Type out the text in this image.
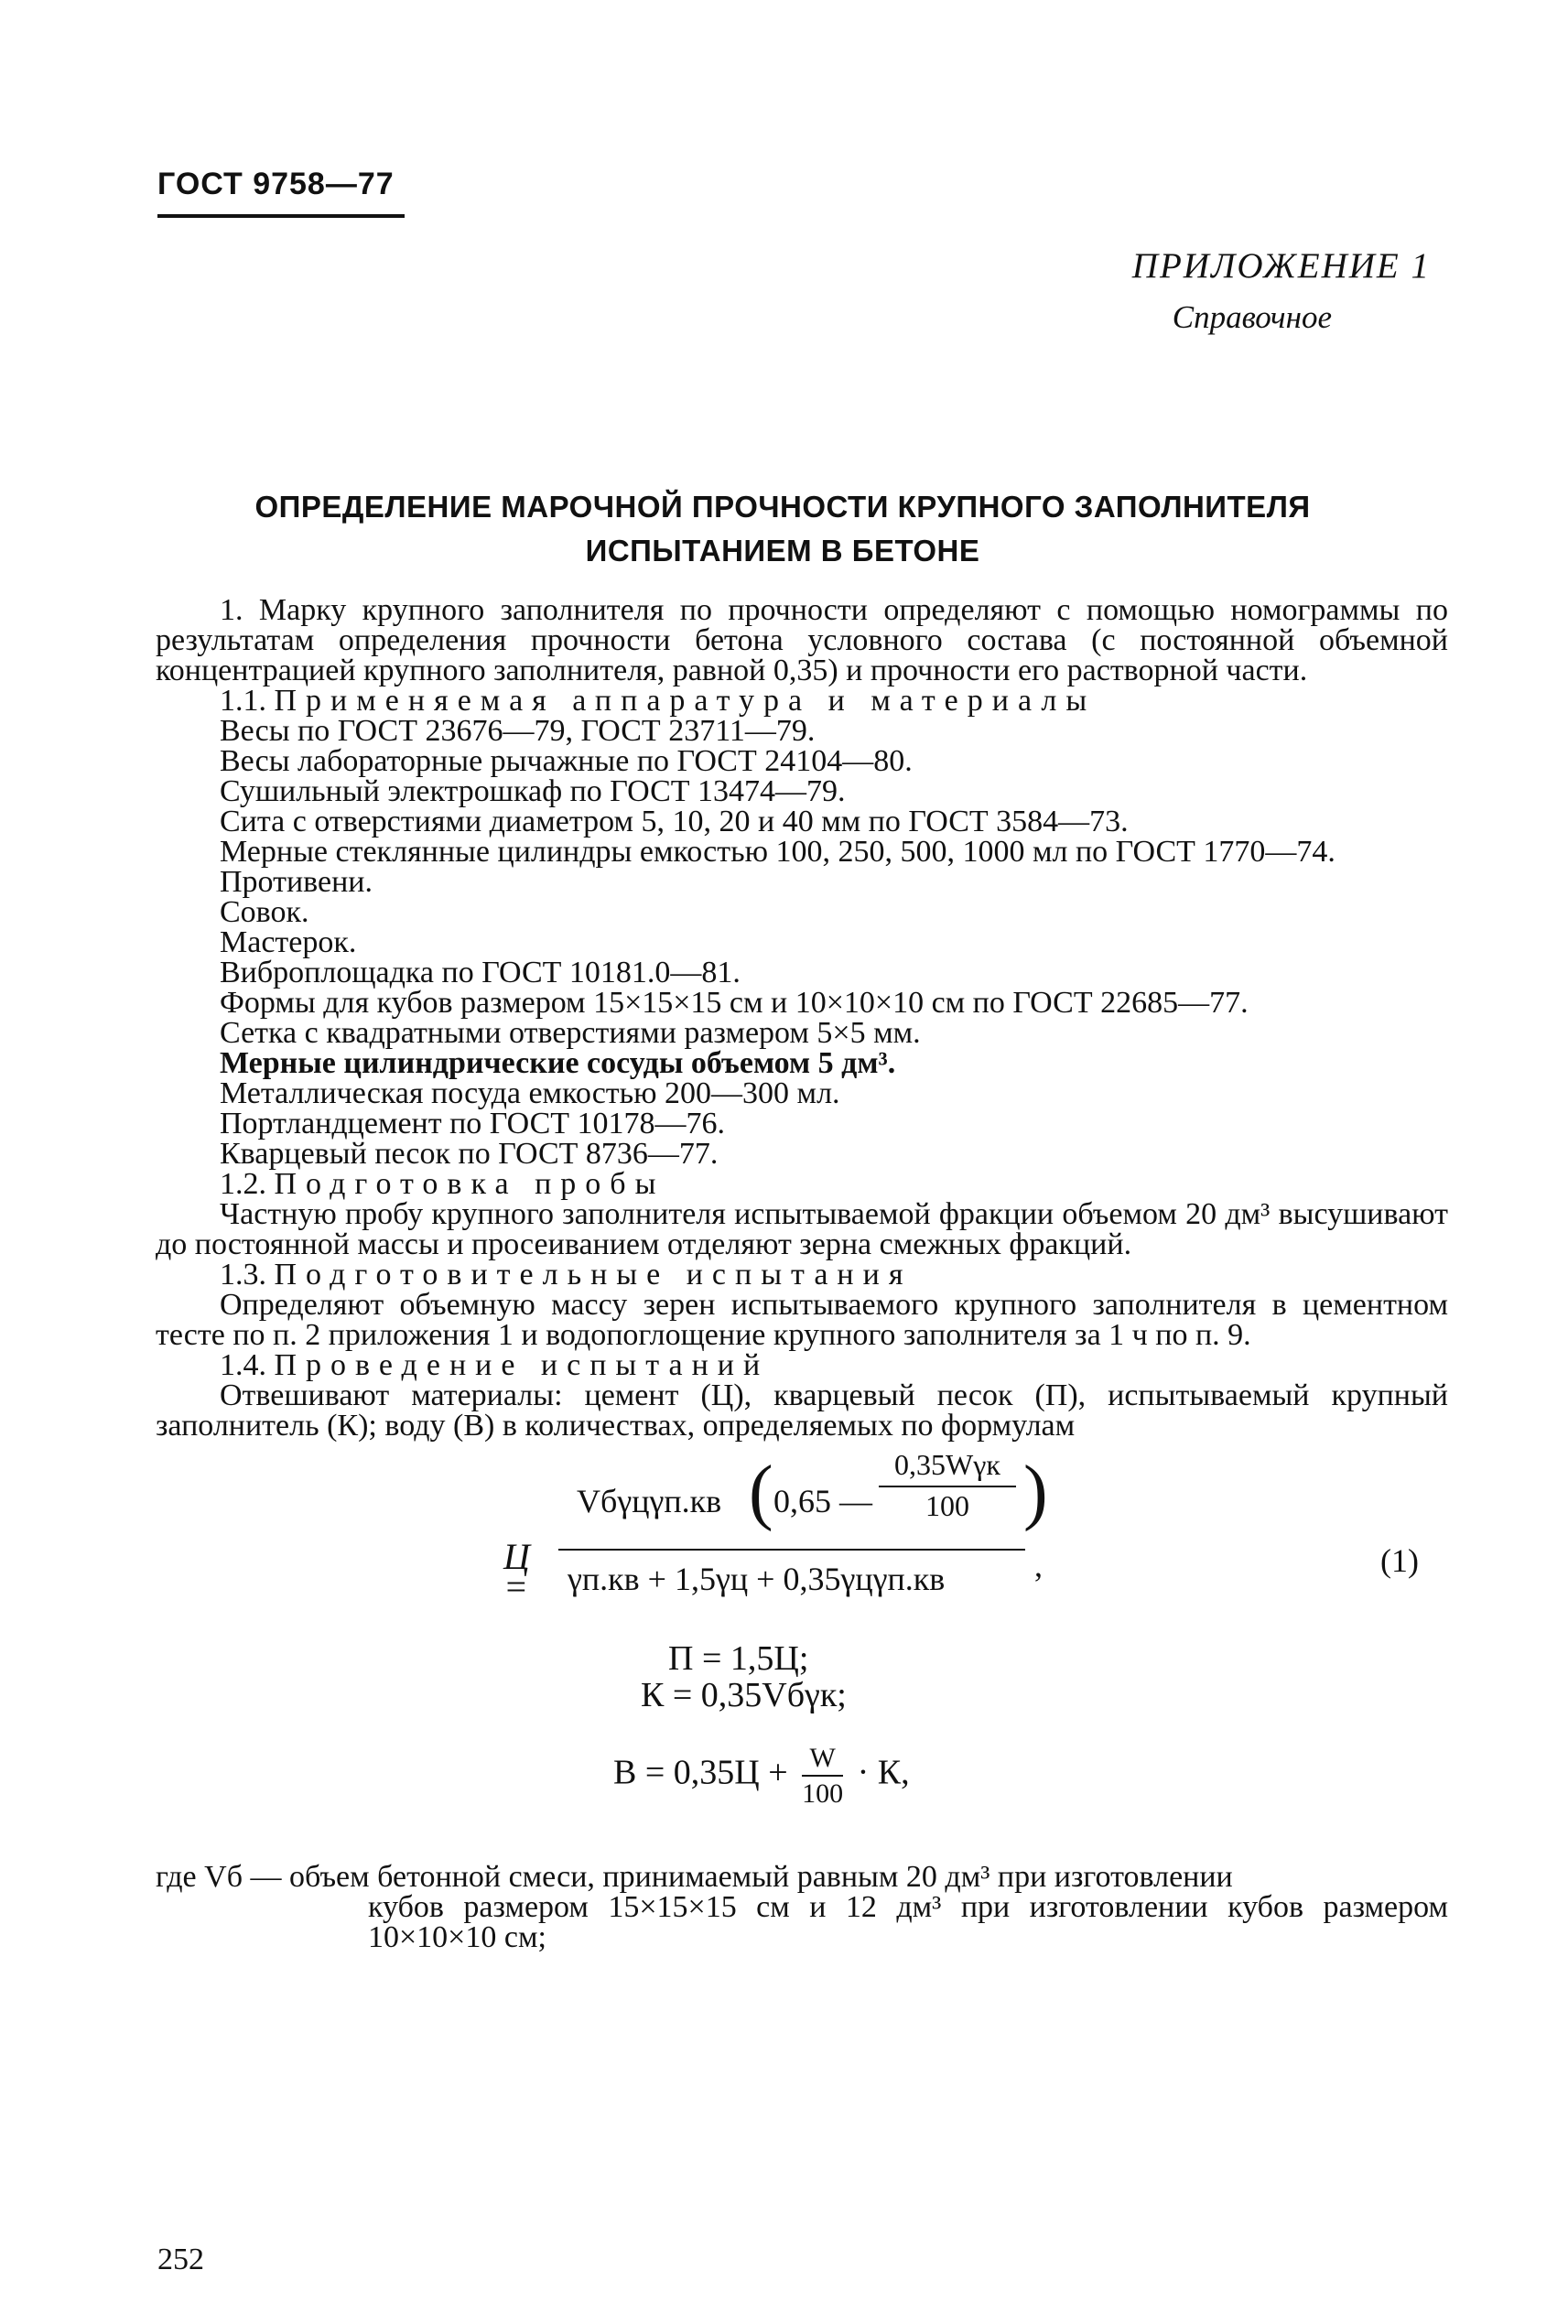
ГОСТ 9758—77
ПРИЛОЖЕНИЕ 1
Справочное
ОПРЕДЕЛЕНИЕ МАРОЧНОЙ ПРОЧНОСТИ КРУПНОГО ЗАПОЛНИТЕЛЯ
ИСПЫТАНИЕМ В БЕТОНЕ

1. Марку крупного заполнителя по прочности определяют с помощью номограммы по результатам определения прочности бетона условного состава (с постоянной объемной концентрацией крупного заполнителя, равной 0,35) и прочности его растворной части.

1.1. Применяемая аппаратура и материалы

Весы по ГОСТ 23676—79, ГОСТ 23711—79.

Весы лабораторные рычажные по ГОСТ 24104—80.

Сушильный электрошкаф по ГОСТ 13474—79.

Сита с отверстиями диаметром 5, 10, 20 и 40 мм по ГОСТ 3584—73.

Мерные стеклянные цилиндры емкостью 100, 250, 500, 1000 мл по ГОСТ 1770—74.

Противени.

Совок.

Мастерок.

Виброплощадка по ГОСТ 10181.0—81.

Формы для кубов размером 15×15×15 см и 10×10×10 см по ГОСТ 22685—77.

Сетка с квадратными отверстиями размером 5×5 мм.

Мерные цилиндрические сосуды объемом 5 дм³.

Металлическая посуда емкостью 200—300 мл.

Портландцемент по ГОСТ 10178—76.

Кварцевый песок по ГОСТ 8736—77.

1.2. Подготовка пробы

Частную пробу крупного заполнителя испытываемой фракции объемом 20 дм³ высушивают до постоянной массы и просеиванием отделяют зерна смежных фракций.

1.3. Подготовительные испытания

Определяют объемную массу зерен испытываемого крупного заполнителя в цементном тесте по п. 2 приложения 1 и водопоглощение крупного заполнителя за 1 ч по п. 9.

1.4. Проведение испытаний

Отвешивают материалы: цемент (Ц), кварцевый песок (П), испытываемый крупный заполнитель (К); воду (В) в количествах, определяемых по формулам

Ц =
Vбγцγп.кв ( 0,65 —
0,35Wγк
100 )
γп.кв + 1,5γц + 0,35γцγп.кв	,	(1)
П = 1,5Ц;
К = 0,35Vбγк;
$В = 0,35Ц + \frac{W}{100} \cdot К$,

где Vб — объем бетонной смеси, принимаемый равным 20 дм³ при изготовлении

кубов размером 15×15×15 см и 12 дм³ при изготовлении кубов размером 10×10×10 см;

252
